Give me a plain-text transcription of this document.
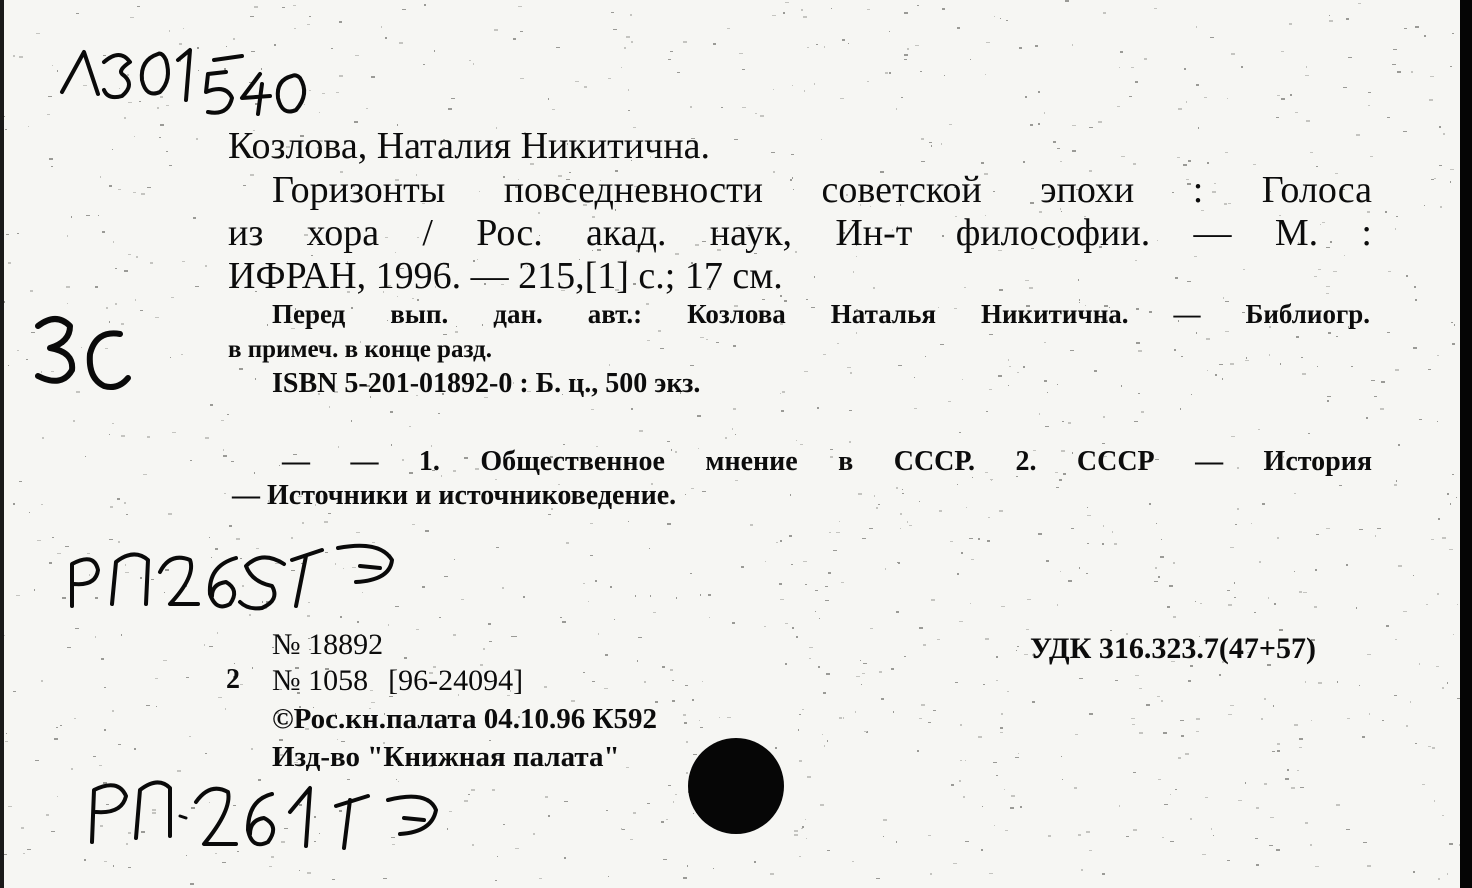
Козлова, Наталия Никитична.
Горизонты повседневности советской эпохи : Голоса
из хора / Рос. акад. наук, Ин-т философии. — М. :
ИФРАН, 1996. — 215,[1] с.; 17 см.
Перед вып. дан. авт.: Козлова Наталья Никитична. — Библиогр.
в примеч. в конце разд.
ISBN 5-201-01892-0 : Б. ц., 500 экз.
— — 1. Общественное мнение в СССР. 2. СССР — История
— Источники и источниковедение.
№ 18892	УДК 316.323.7(47+57)
2 № 1058 [96-24094]
©Рос.кн.палата 04.10.96 К592
Изд-во "Книжная палата"
